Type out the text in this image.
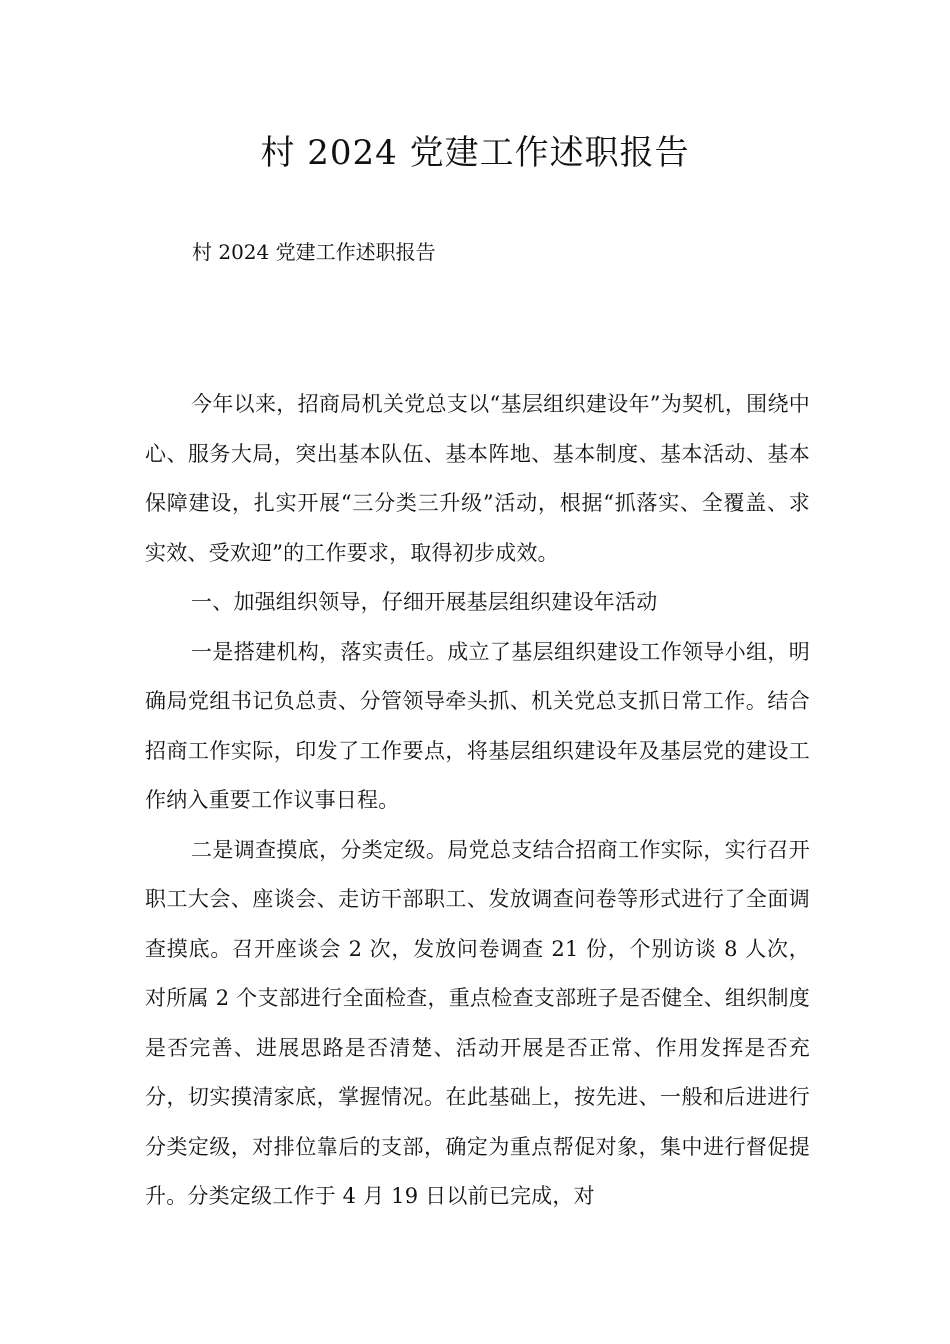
村 2024 党建工作述职报告

村 2024 党建工作述职报告

今年以来，招商局机关党总支以“基层组织建设年”为契机，围绕中心、服务大局，突出基本队伍、基本阵地、基本制度、基本活动、基本保障建设，扎实开展“三分类三升级”活动，根据“抓落实、全覆盖、求实效、受欢迎”的工作要求，取得初步成效。

一、加强组织领导，仔细开展基层组织建设年活动

一是搭建机构，落实责任。成立了基层组织建设工作领导小组，明确局党组书记负总责、分管领导牵头抓、机关党总支抓日常工作。结合招商工作实际，印发了工作要点，将基层组织建设年及基层党的建设工作纳入重要工作议事日程。

二是调查摸底，分类定级。局党总支结合招商工作实际，实行召开职工大会、座谈会、走访干部职工、发放调查问卷等形式进行了全面调查摸底。召开座谈会 2 次，发放问卷调查 21 份，个别访谈 8 人次，对所属 2 个支部进行全面检查，重点检查支部班子是否健全、组织制度是否完善、进展思路是否清楚、活动开展是否正常、作用发挥是否充分，切实摸清家底，掌握情况。在此基础上，按先进、一般和后进进行分类定级，对排位靠后的支部，确定为重点帮促对象，集中进行督促提升。分类定级工作于 4 月 19 日以前已完成，对
